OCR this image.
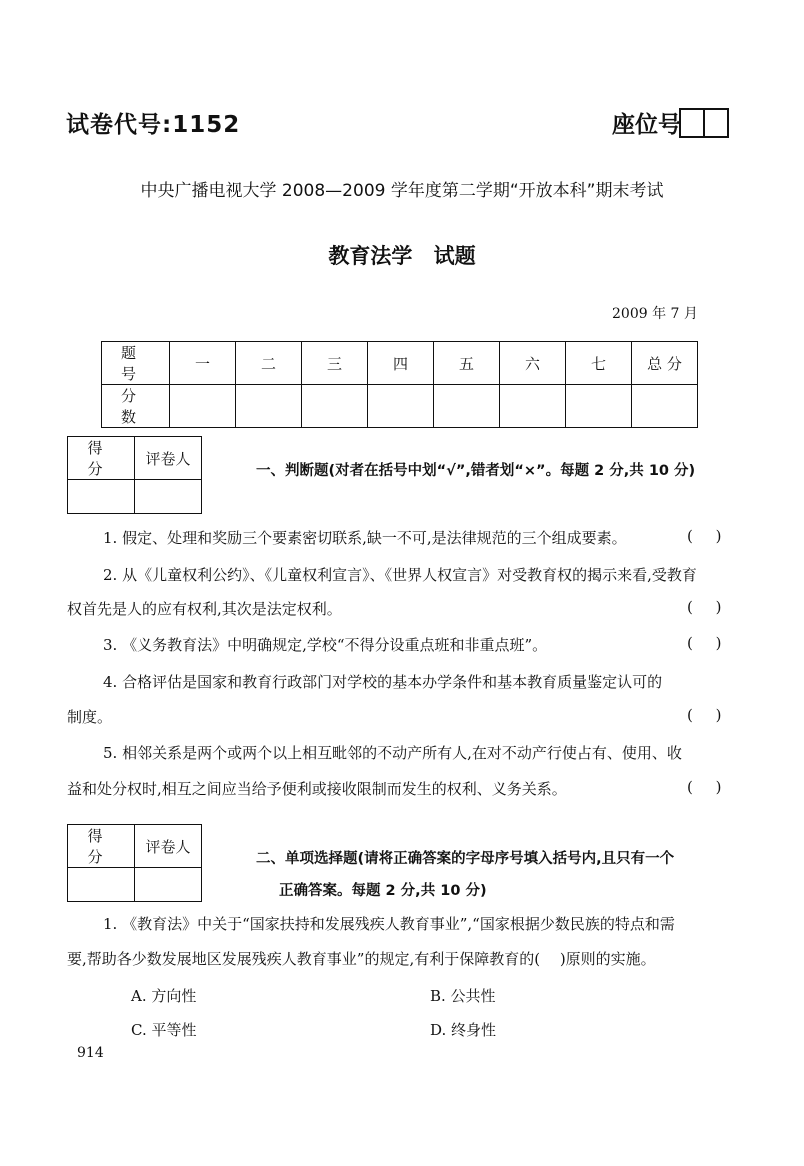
试卷代号:1152	座位号
中央广播电视大学 2008—2009 学年度第二学期“开放本科”期末考试
教育法学 试题
2009 年 7 月
题 号	一	二	三	四	五	六	七	总 分
分 数								
得 分	评卷人

一、判断题(对者在括号中划“√”,错者划“×”。每题 2 分,共 10 分)
1. 假定、处理和奖励三个要素密切联系,缺一不可,是法律规范的三个组成要素。	( )
2. 从《儿童权利公约》、《儿童权利宣言》、《世界人权宣言》对受教育权的揭示来看,受教育
权首先是人的应有权利,其次是法定权利。	( )
3. 《义务教育法》中明确规定,学校“不得分设重点班和非重点班”。	( )
4. 合格评估是国家和教育行政部门对学校的基本办学条件和基本教育质量鉴定认可的
制度。	( )
5. 相邻关系是两个或两个以上相互毗邻的不动产所有人,在对不动产行使占有、使用、收
益和处分权时,相互之间应当给予便利或接收限制而发生的权利、义务关系。	( )
得 分	评卷人

二、单项选择题(请将正确答案的字母序号填入括号内,且只有一个
正确答案。每题 2 分,共 10 分)
1. 《教育法》中关于“国家扶持和发展残疾人教育事业”,“国家根据少数民族的特点和需
要,帮助各少数发展地区发展残疾人教育事业”的规定,有利于保障教育的(　 )原则的实施。
A. 方向性	B. 公共性
C. 平等性	D. 终身性
914
